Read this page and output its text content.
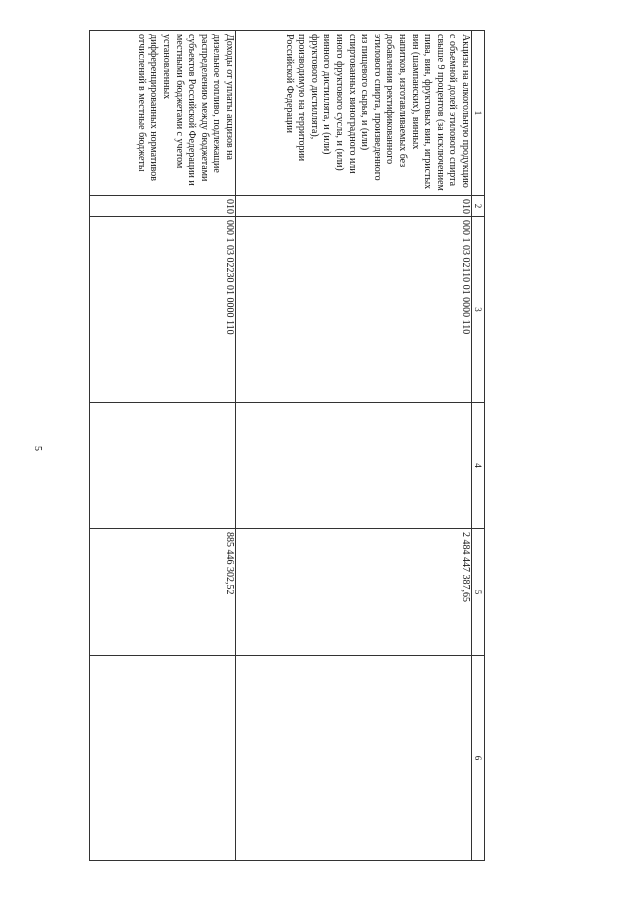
5
1	2	3	4	5	6
Акцизы на алкогольную продукцию с объемной долей этилового спирта свыше 9 процентов (за исключением пива, вин, фруктовых вин, игристых вин (шампанских), винных напитков, изготавливаемых без добавления ректификованного этилового спирта, произведенного из пищевого сырья, и (или) спиртованных виноградного или иного фруктового сусла, и (или) винного дистиллята, и (или) фруктового дистиллята), производимую на территории Российской Федерации	010	000 1 03 02110 01 0000 110		2 484 447 387,65	
Доходы от уплаты акцизов на дизельное топливо, подлежащие распределению между бюджетами субъектов Российской Федерации и местными бюджетами с учетом установленных дифференцированных нормативов отчислений в местные бюджеты	010	000 1 03 02230 01 0000 110		885 446 302,52	
